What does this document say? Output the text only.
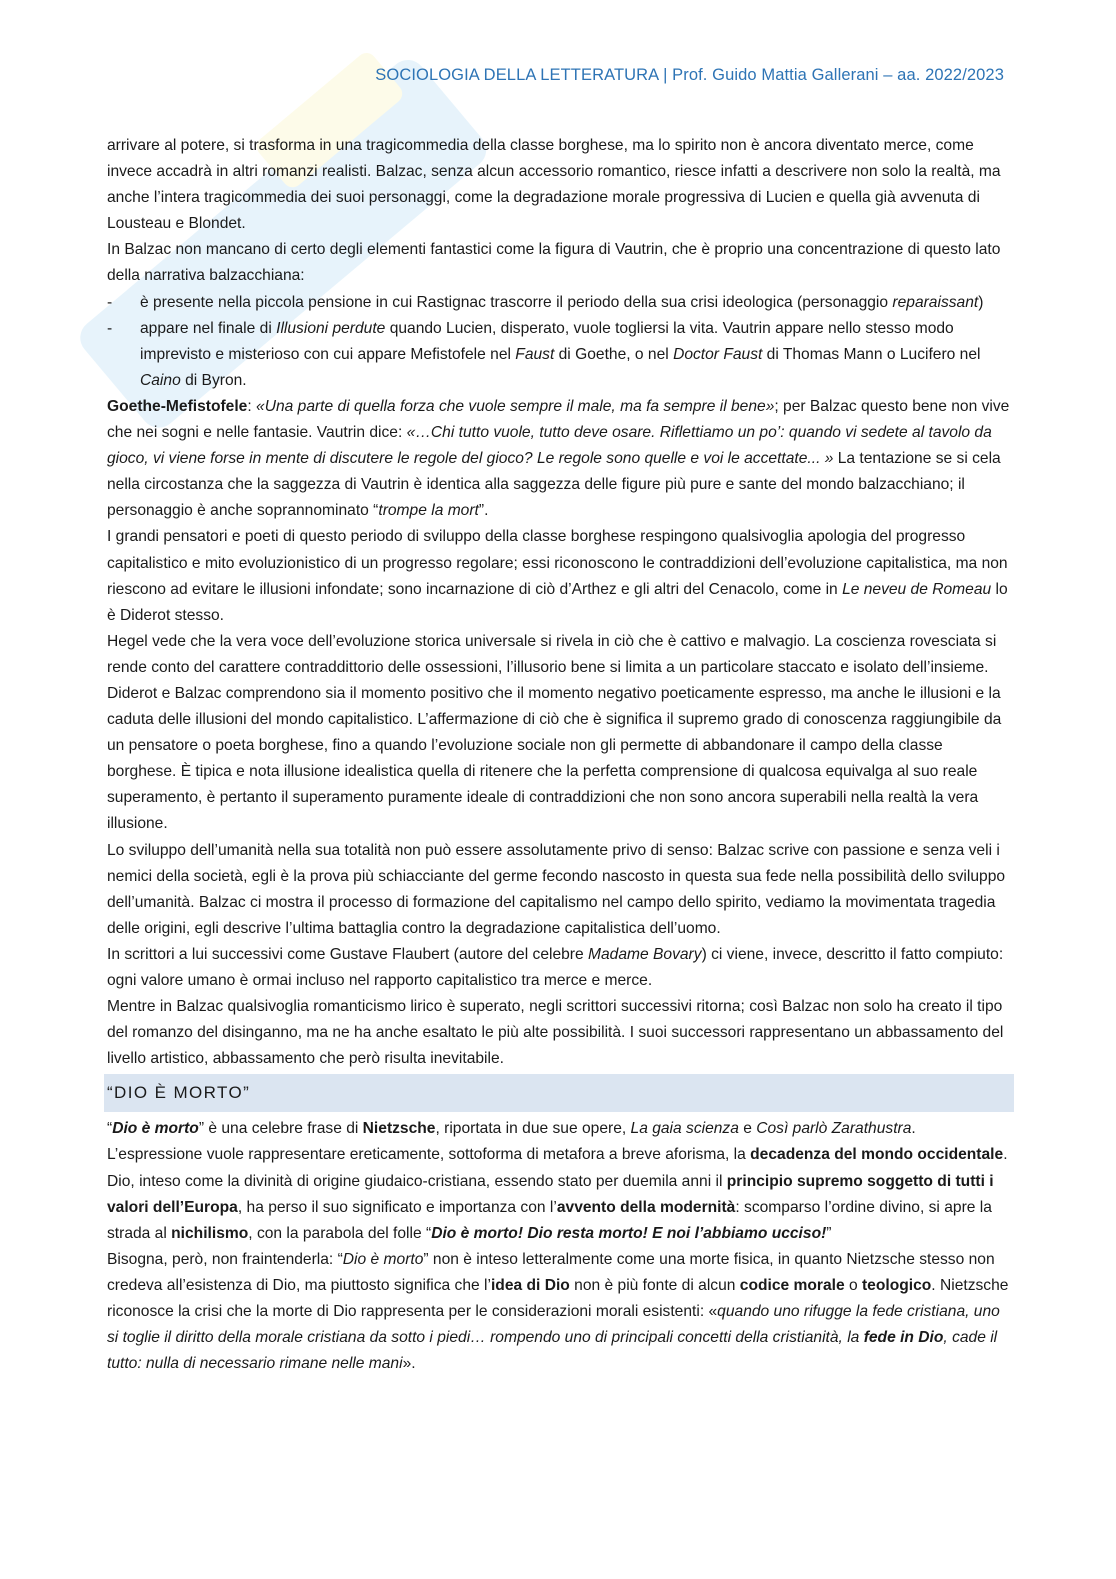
SOCIOLOGIA DELLA LETTERATURA | Prof. Guido Mattia Gallerani – aa. 2022/2023

arrivare al potere, si trasforma in una tragicommedia della classe borghese, ma lo spirito non è ancora diventato merce, come invece accadrà in altri romanzi realisti. Balzac, senza alcun accessorio romantico, riesce infatti a descrivere non solo la realtà, ma anche l’intera tragicommedia dei suoi personaggi, come la degradazione morale progressiva di Lucien e quella già avvenuta di Lousteau e Blondet.

In Balzac non mancano di certo degli elementi fantastici come la figura di Vautrin, che è proprio una concentrazione di questo lato della narrativa balzacchiana:

- è presente nella piccola pensione in cui Rastignac trascorre il periodo della sua crisi ideologica (personaggio reparaissant)

- appare nel finale di Illusioni perdute quando Lucien, disperato, vuole togliersi la vita. Vautrin appare nello stesso modo imprevisto e misterioso con cui appare Mefistofele nel Faust di Goethe, o nel Doctor Faust di Thomas Mann o Lucifero nel Caino di Byron.

Goethe-Mefistofele: «Una parte di quella forza che vuole sempre il male, ma fa sempre il bene»; per Balzac questo bene non vive che nei sogni e nelle fantasie. Vautrin dice: «…Chi tutto vuole, tutto deve osare. Riflettiamo un po’: quando vi sedete al tavolo da gioco, vi viene forse in mente di discutere le regole del gioco? Le regole sono quelle e voi le accettate... » La tentazione se si cela nella circostanza che la saggezza di Vautrin è identica alla saggezza delle figure più pure e sante del mondo balzacchiano; il personaggio è anche soprannominato “trompe la mort”.

I grandi pensatori e poeti di questo periodo di sviluppo della classe borghese respingono qualsivoglia apologia del progresso capitalistico e mito evoluzionistico di un progresso regolare; essi riconoscono le contraddizioni dell’evoluzione capitalistica, ma non riescono ad evitare le illusioni infondate; sono incarnazione di ciò d’Arthez e gli altri del Cenacolo, come in Le neveu de Romeau lo è Diderot stesso.

Hegel vede che la vera voce dell’evoluzione storica universale si rivela in ciò che è cattivo e malvagio. La coscienza rovesciata si rende conto del carattere contraddittorio delle ossessioni, l’illusorio bene si limita a un particolare staccato e isolato dell’insieme. Diderot e Balzac comprendono sia il momento positivo che il momento negativo poeticamente espresso, ma anche le illusioni e la caduta delle illusioni del mondo capitalistico. L’affermazione di ciò che è significa il supremo grado di conoscenza raggiungibile da un pensatore o poeta borghese, fino a quando l’evoluzione sociale non gli permette di abbandonare il campo della classe borghese. È tipica e nota illusione idealistica quella di ritenere che la perfetta comprensione di qualcosa equivalga al suo reale superamento, è pertanto il superamento puramente ideale di contraddizioni che non sono ancora superabili nella realtà la vera illusione.

Lo sviluppo dell’umanità nella sua totalità non può essere assolutamente privo di senso: Balzac scrive con passione e senza veli i nemici della società, egli è la prova più schiacciante del germe fecondo nascosto in questa sua fede nella possibilità dello sviluppo dell’umanità. Balzac ci mostra il processo di formazione del capitalismo nel campo dello spirito, vediamo la movimentata tragedia delle origini, egli descrive l’ultima battaglia contro la degradazione capitalistica dell’uomo.

In scrittori a lui successivi come Gustave Flaubert (autore del celebre Madame Bovary) ci viene, invece, descritto il fatto compiuto: ogni valore umano è ormai incluso nel rapporto capitalistico tra merce e merce.

Mentre in Balzac qualsivoglia romanticismo lirico è superato, negli scrittori successivi ritorna; così Balzac non solo ha creato il tipo del romanzo del disinganno, ma ne ha anche esaltato le più alte possibilità. I suoi successori rappresentano un abbassamento del livello artistico, abbassamento che però risulta inevitabile.

“DIO È MORTO”

“Dio è morto” è una celebre frase di Nietzsche, riportata in due sue opere, La gaia scienza e Così parlò Zarathustra. L’espressione vuole rappresentare ereticamente, sottoforma di metafora a breve aforisma, la decadenza del mondo occidentale.

Dio, inteso come la divinità di origine giudaico-cristiana, essendo stato per duemila anni il principio supremo soggetto di tutti i valori dell’Europa, ha perso il suo significato e importanza con l’avvento della modernità: scomparso l’ordine divino, si apre la strada al nichilismo, con la parabola del folle “Dio è morto! Dio resta morto! E noi l’abbiamo ucciso!”

Bisogna, però, non fraintenderla: “Dio è morto” non è inteso letteralmente come una morte fisica, in quanto Nietzsche stesso non credeva all’esistenza di Dio, ma piuttosto significa che l’idea di Dio non è più fonte di alcun codice morale o teologico. Nietzsche riconosce la crisi che la morte di Dio rappresenta per le considerazioni morali esistenti: «quando uno rifugge la fede cristiana, uno si toglie il diritto della morale cristiana da sotto i piedi… rompendo uno di principali concetti della cristianità, la fede in Dio, cade il tutto: nulla di necessario rimane nelle mani».
